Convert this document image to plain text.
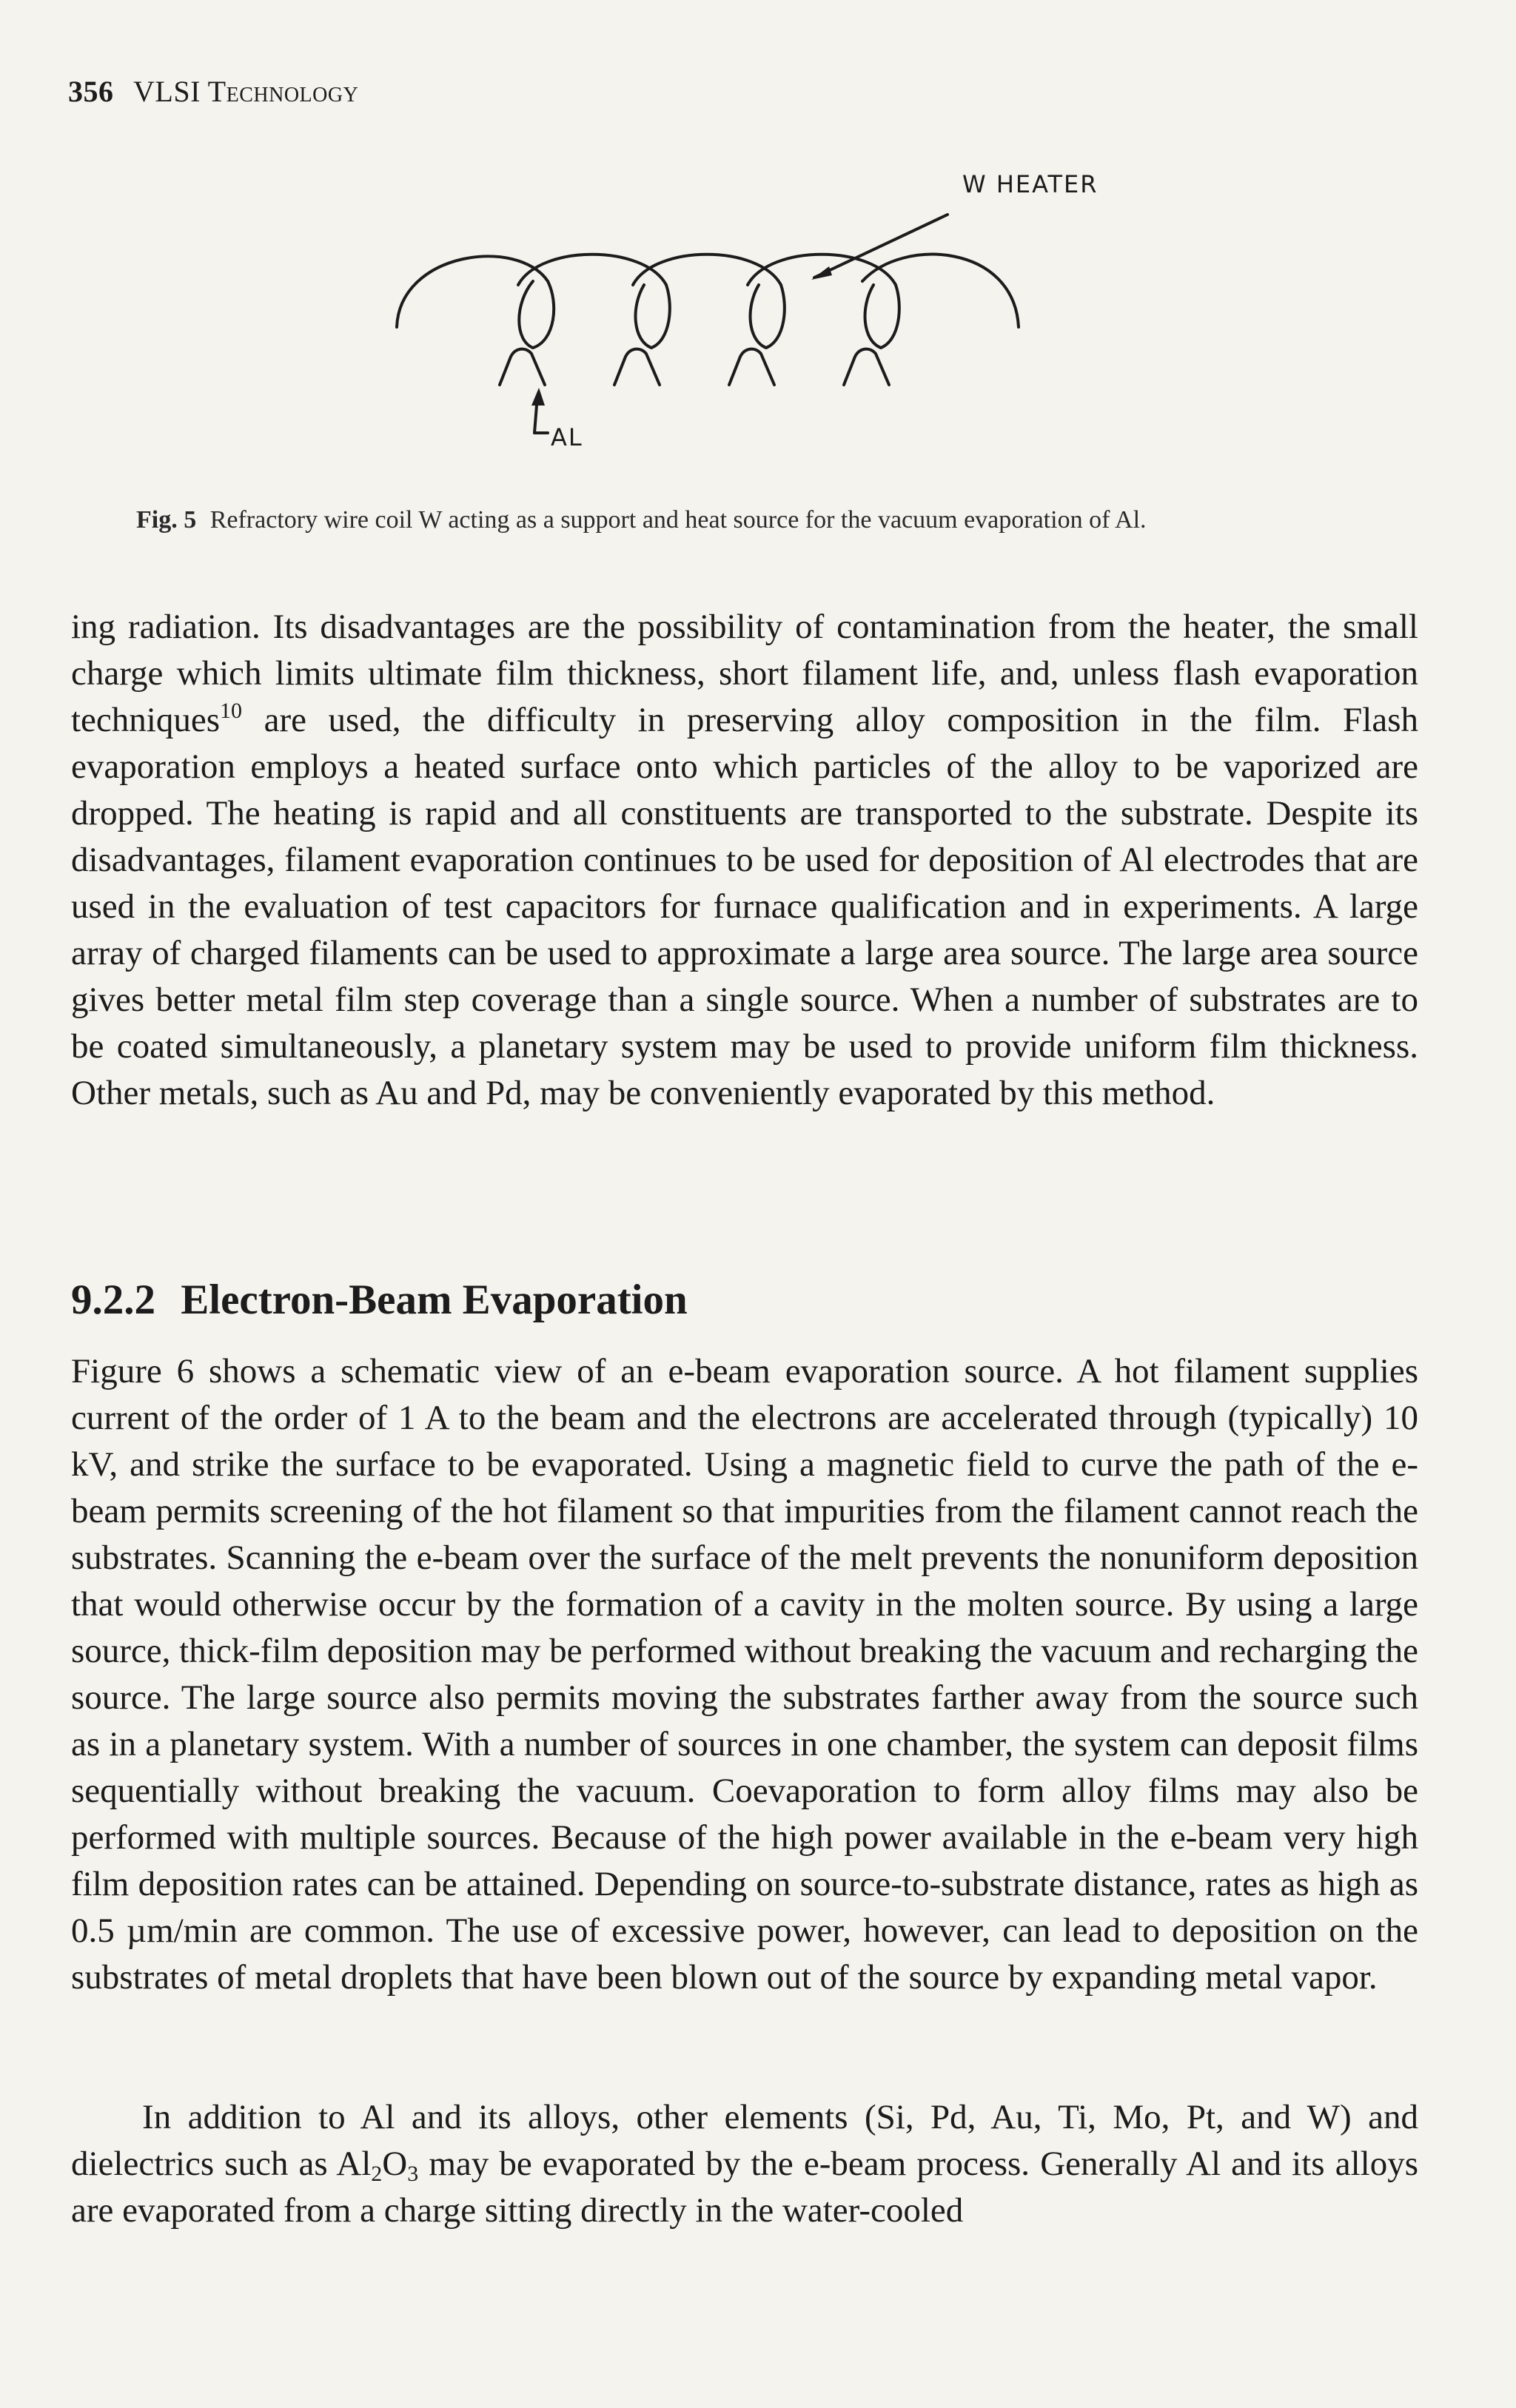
356 VLSI Technology
W HEATER
AL
Fig. 5 Refractory wire coil W acting as a support and heat source for the vacuum evaporation of Al.
ing radiation. Its disadvantages are the possibility of contamination from the heater, the small charge which limits ultimate film thickness, short filament life, and, unless flash evaporation techniques$^{10}$ are used, the difficulty in preserving alloy composition in the film. Flash evaporation employs a heated surface onto which particles of the alloy to be vaporized are dropped. The heating is rapid and all constituents are transported to the substrate. Despite its disadvantages, filament evaporation continues to be used for deposition of Al electrodes that are used in the evaluation of test capacitors for furnace qualification and in experiments. A large array of charged filaments can be used to approximate a large area source. The large area source gives better metal film step coverage than a single source. When a number of substrates are to be coated simultaneously, a planetary system may be used to provide uniform film thickness. Other metals, such as Au and Pd, may be conveniently evaporated by this method.
9.2.2 Electron-Beam Evaporation
Figure 6 shows a schematic view of an e-beam evaporation source. A hot filament supplies current of the order of 1 A to the beam and the electrons are accelerated through (typically) 10 kV, and strike the surface to be evaporated. Using a magnetic field to curve the path of the e-beam permits screening of the hot filament so that impurities from the filament cannot reach the substrates. Scanning the e-beam over the surface of the melt prevents the nonuniform deposition that would otherwise occur by the formation of a cavity in the molten source. By using a large source, thick-film deposition may be performed without breaking the vacuum and recharging the source. The large source also permits moving the substrates farther away from the source such as in a planetary system. With a number of sources in one chamber, the system can deposit films sequentially without breaking the vacuum. Coevaporation to form alloy films may also be performed with multiple sources. Because of the high power available in the e-beam very high film deposition rates can be attained. Depending on source-to-substrate distance, rates as high as 0.5 µm/min are common. The use of excessive power, however, can lead to deposition on the substrates of metal droplets that have been blown out of the source by expanding metal vapor.
In addition to Al and its alloys, other elements (Si, Pd, Au, Ti, Mo, Pt, and W) and dielectrics such as $Al_2O_3$ may be evaporated by the e-beam process. Generally Al and its alloys are evaporated from a charge sitting directly in the water-cooled
